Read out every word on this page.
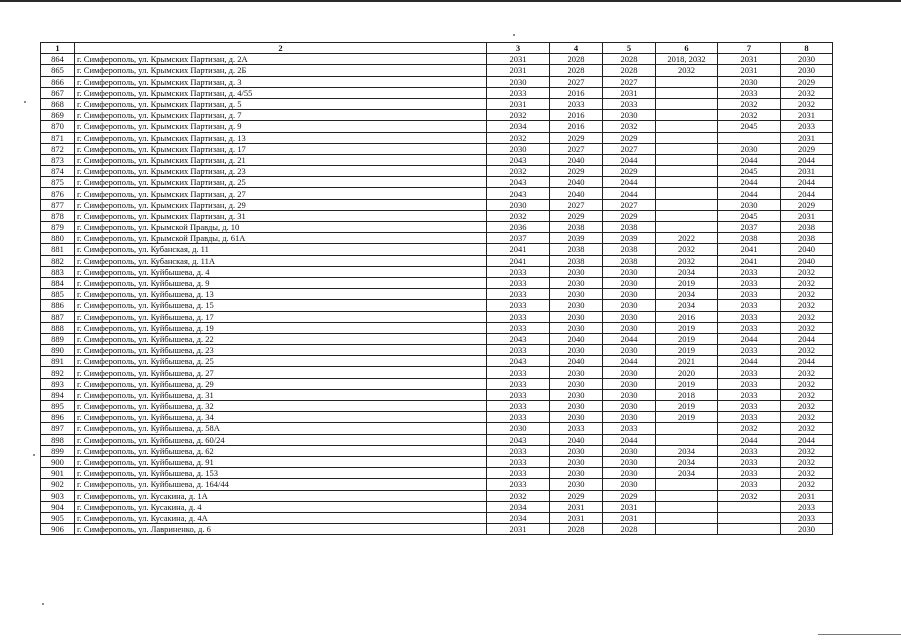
1	2	3	4	5	6	7	8
864	г. Симферополь, ул. Крымских Партизан, д. 2А	2031	2028	2028	2018, 2032	2031	2030
865	г. Симферополь, ул. Крымских Партизан, д. 2Б	2031	2028	2028	2032	2031	2030
866	г. Симферополь, ул. Крымских Партизан, д. 3	2030	2027	2027		2030	2029
867	г. Симферополь, ул. Крымских Партизан, д. 4/55	2033	2016	2031		2033	2032
868	г. Симферополь, ул. Крымских Партизан, д. 5	2031	2033	2033		2032	2032
869	г. Симферополь, ул. Крымских Партизан, д. 7	2032	2016	2030		2032	2031
870	г. Симферополь, ул. Крымских Партизан, д. 9	2034	2016	2032		2045	2033
871	г. Симферополь, ул. Крымских Партизан, д. 13	2032	2029	2029			2031
872	г. Симферополь, ул. Крымских Партизан, д. 17	2030	2027	2027		2030	2029
873	г. Симферополь, ул. Крымских Партизан, д. 21	2043	2040	2044		2044	2044
874	г. Симферополь, ул. Крымских Партизан, д. 23	2032	2029	2029		2045	2031
875	г. Симферополь, ул. Крымских Партизан, д. 25	2043	2040	2044		2044	2044
876	г. Симферополь, ул. Крымских Партизан, д. 27	2043	2040	2044		2044	2044
877	г. Симферополь, ул. Крымских Партизан, д. 29	2030	2027	2027		2030	2029
878	г. Симферополь, ул. Крымских Партизан, д. 31	2032	2029	2029		2045	2031
879	г. Симферополь, ул. Крымской Правды, д. 10	2036	2038	2038		2037	2038
880	г. Симферополь, ул. Крымской Правды, д. 61А	2037	2039	2039	2022	2038	2038
881	г. Симферополь, ул. Кубанская, д. 11	2041	2038	2038	2032	2041	2040
882	г. Симферополь, ул. Кубанская, д. 11А	2041	2038	2038	2032	2041	2040
883	г. Симферополь, ул. Куйбышева, д. 4	2033	2030	2030	2034	2033	2032
884	г. Симферополь, ул. Куйбышева, д. 9	2033	2030	2030	2019	2033	2032
885	г. Симферополь, ул. Куйбышева, д. 13	2033	2030	2030	2034	2033	2032
886	г. Симферополь, ул. Куйбышева, д. 15	2033	2030	2030	2034	2033	2032
887	г. Симферополь, ул. Куйбышева, д. 17	2033	2030	2030	2016	2033	2032
888	г. Симферополь, ул. Куйбышева, д. 19	2033	2030	2030	2019	2033	2032
889	г. Симферополь, ул. Куйбышева, д. 22	2043	2040	2044	2019	2044	2044
890	г. Симферополь, ул. Куйбышева, д. 23	2033	2030	2030	2019	2033	2032
891	г. Симферополь, ул. Куйбышева, д. 25	2043	2040	2044	2021	2044	2044
892	г. Симферополь, ул. Куйбышева, д. 27	2033	2030	2030	2020	2033	2032
893	г. Симферополь, ул. Куйбышева, д. 29	2033	2030	2030	2019	2033	2032
894	г. Симферополь, ул. Куйбышева, д. 31	2033	2030	2030	2018	2033	2032
895	г. Симферополь, ул. Куйбышева, д. 32	2033	2030	2030	2019	2033	2032
896	г. Симферополь, ул. Куйбышева, д. 34	2033	2030	2030	2019	2033	2032
897	г. Симферополь, ул. Куйбышева, д. 58А	2030	2033	2033		2032	2032
898	г. Симферополь, ул. Куйбышева, д. 60/24	2043	2040	2044		2044	2044
899	г. Симферополь, ул. Куйбышева, д. 62	2033	2030	2030	2034	2033	2032
900	г. Симферополь, ул. Куйбышева, д. 91	2033	2030	2030	2034	2033	2032
901	г. Симферополь, ул. Куйбышева, д. 153	2033	2030	2030	2034	2033	2032
902	г. Симферополь, ул. Куйбышева, д. 164/44	2033	2030	2030		2033	2032
903	г. Симферополь, ул. Кусакина, д. 1А	2032	2029	2029		2032	2031
904	г. Симферополь, ул. Кусакина, д. 4	2034	2031	2031			2033
905	г. Симферополь, ул. Кусакина, д. 4А	2034	2031	2031			2033
906	г. Симферополь, ул. Лавриненко, д. 6	2031	2028	2028			2030
